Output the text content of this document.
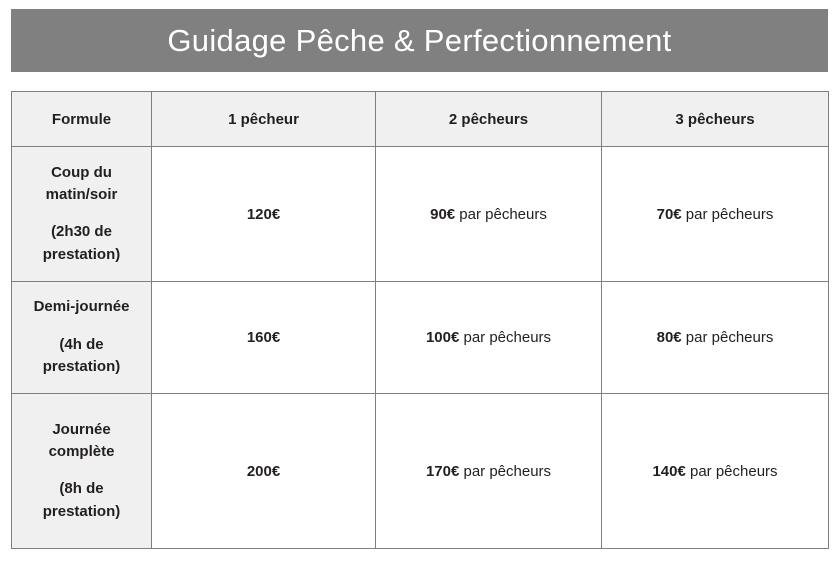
Guidage Pêche & Perfectionnement
Formule	1 pêcheur	2 pêcheurs	3 pêcheurs

Coup du matin/soir
(2h30 de prestation)	120€	90€ par pêcheurs	70€ par pêcheurs

Demi-journée
(4h de prestation)	160€	100€ par pêcheurs	80€ par pêcheurs

Journée complète
(8h de prestation)	200€	170€ par pêcheurs	140€ par pêcheurs
